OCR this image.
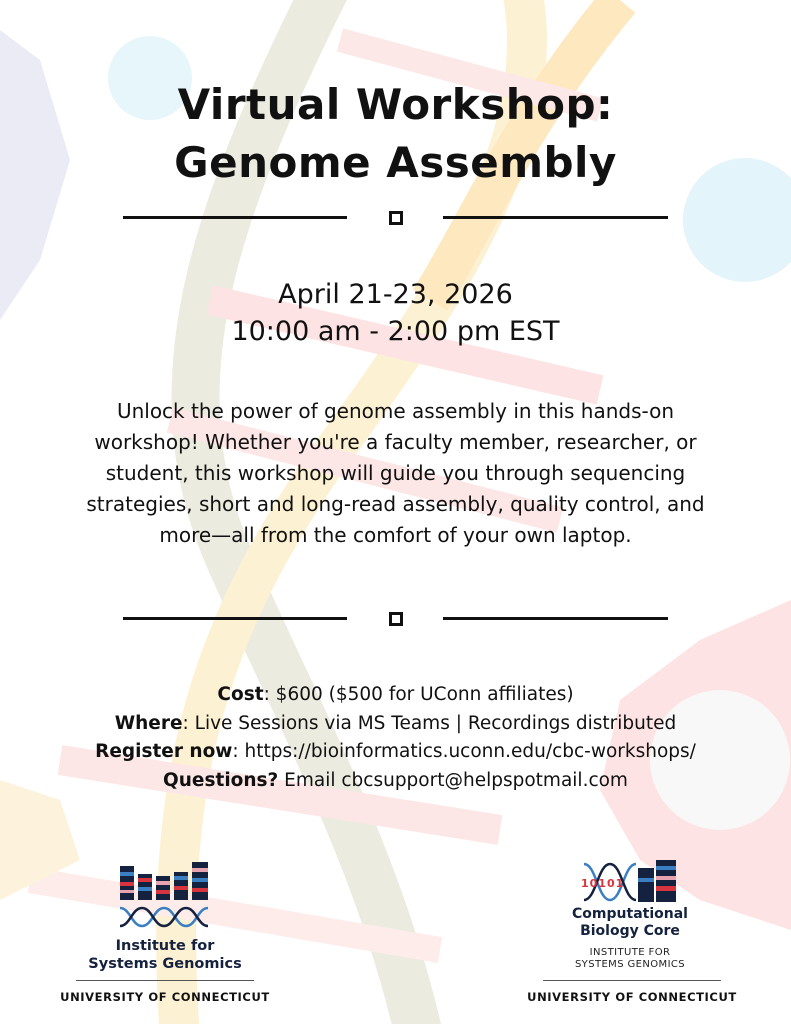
Virtual Workshop:
Genome Assembly
April 21-23, 2026
10:00 am - 2:00 pm EST
Unlock the power of genome assembly in this hands-on workshop! Whether you're a faculty member, researcher, or student, this workshop will guide you through sequencing strategies, short and long-read assembly, quality control, and more—all from the comfort of your own laptop.
Cost: $600 ($500 for UConn affiliates)
Where: Live Sessions via MS Teams | Recordings distributed
Register now: https://bioinformatics.uconn.edu/cbc-workshops/
Questions? Email cbcsupport@helpspotmail.com
Institute for
Systems Genomics
UNIVERSITY OF CONNECTICUT
10101
Computational
Biology Core
INSTITUTE FOR
SYSTEMS GENOMICS
UNIVERSITY OF CONNECTICUT
